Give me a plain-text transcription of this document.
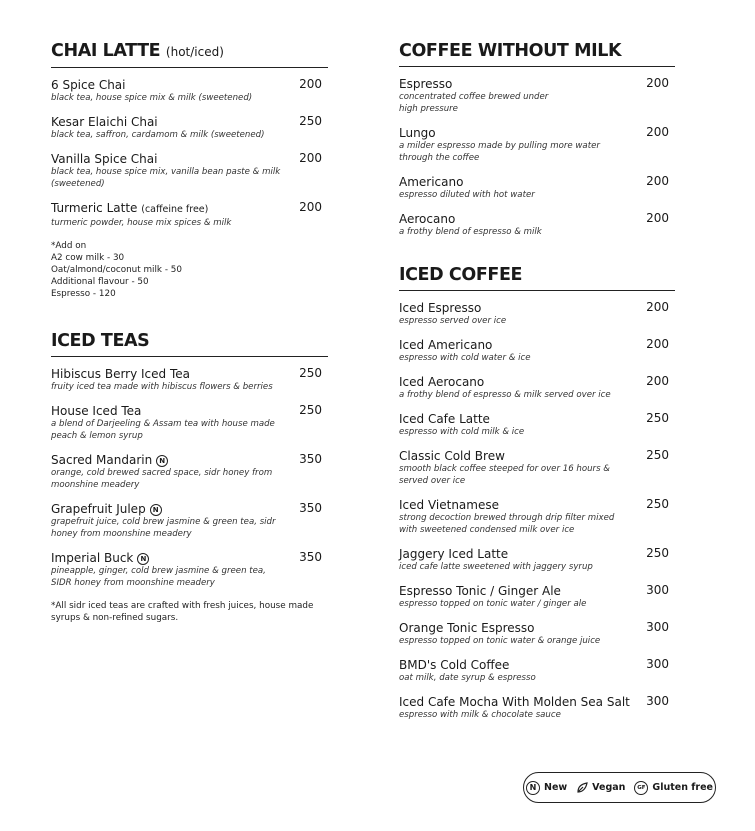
CHAI LATTE (hot/iced)
6 Spice Chai	200
black tea, house spice mix & milk (sweetened)
Kesar Elaichi Chai	250
black tea, saffron, cardamom & milk (sweetened)
Vanilla Spice Chai	200
black tea, house spice mix, vanilla bean paste & milk (sweetened)
Turmeric Latte (caffeine free)	200
turmeric powder, house mix spices & milk
*Add on
A2 cow milk - 30
Oat/almond/coconut milk - 50
Additional flavour - 50
Espresso - 120
ICED TEAS
Hibiscus Berry Iced Tea	250
fruity iced tea made with hibiscus flowers & berries
House Iced Tea	250
a blend of Darjeeling & Assam tea with house made peach & lemon syrup
Sacred Mandarin N	350
orange, cold brewed sacred space, sidr honey from moonshine meadery
Grapefruit Julep N	350
grapefruit juice, cold brew jasmine & green tea, sidr honey from moonshine meadery
Imperial Buck N	350
pineapple, ginger, cold brew jasmine & green tea, SIDR honey from moonshine meadery
*All sidr iced teas are crafted with fresh juices, house made syrups & non-refined sugars.
COFFEE WITHOUT MILK
Espresso	200
concentrated coffee brewed under high pressure
Lungo	200
a milder espresso made by pulling more water through the coffee
Americano	200
espresso diluted with hot water
Aerocano	200
a frothy blend of espresso & milk
ICED COFFEE
Iced Espresso	200
espresso served over ice
Iced Americano	200
espresso with cold water & ice
Iced Aerocano	200
a frothy blend of espresso & milk served over ice
Iced Cafe Latte	250
espresso with cold milk & ice
Classic Cold Brew	250
smooth black coffee steeped for over 16 hours & served over ice
Iced Vietnamese	250
strong decoction brewed through drip filter mixed with sweetened condensed milk over ice
Jaggery Iced Latte	250
iced cafe latte sweetened with jaggery syrup
Espresso Tonic / Ginger Ale	300
espresso topped on tonic water / ginger ale
Orange Tonic Espresso	300
espresso topped on tonic water & orange juice
BMD's Cold Coffee	300
oat milk, date syrup & espresso
Iced Cafe Mocha With Molden Sea Salt	300
espresso with milk & chocolate sauce
N New	Vegan	GF Gluten free
